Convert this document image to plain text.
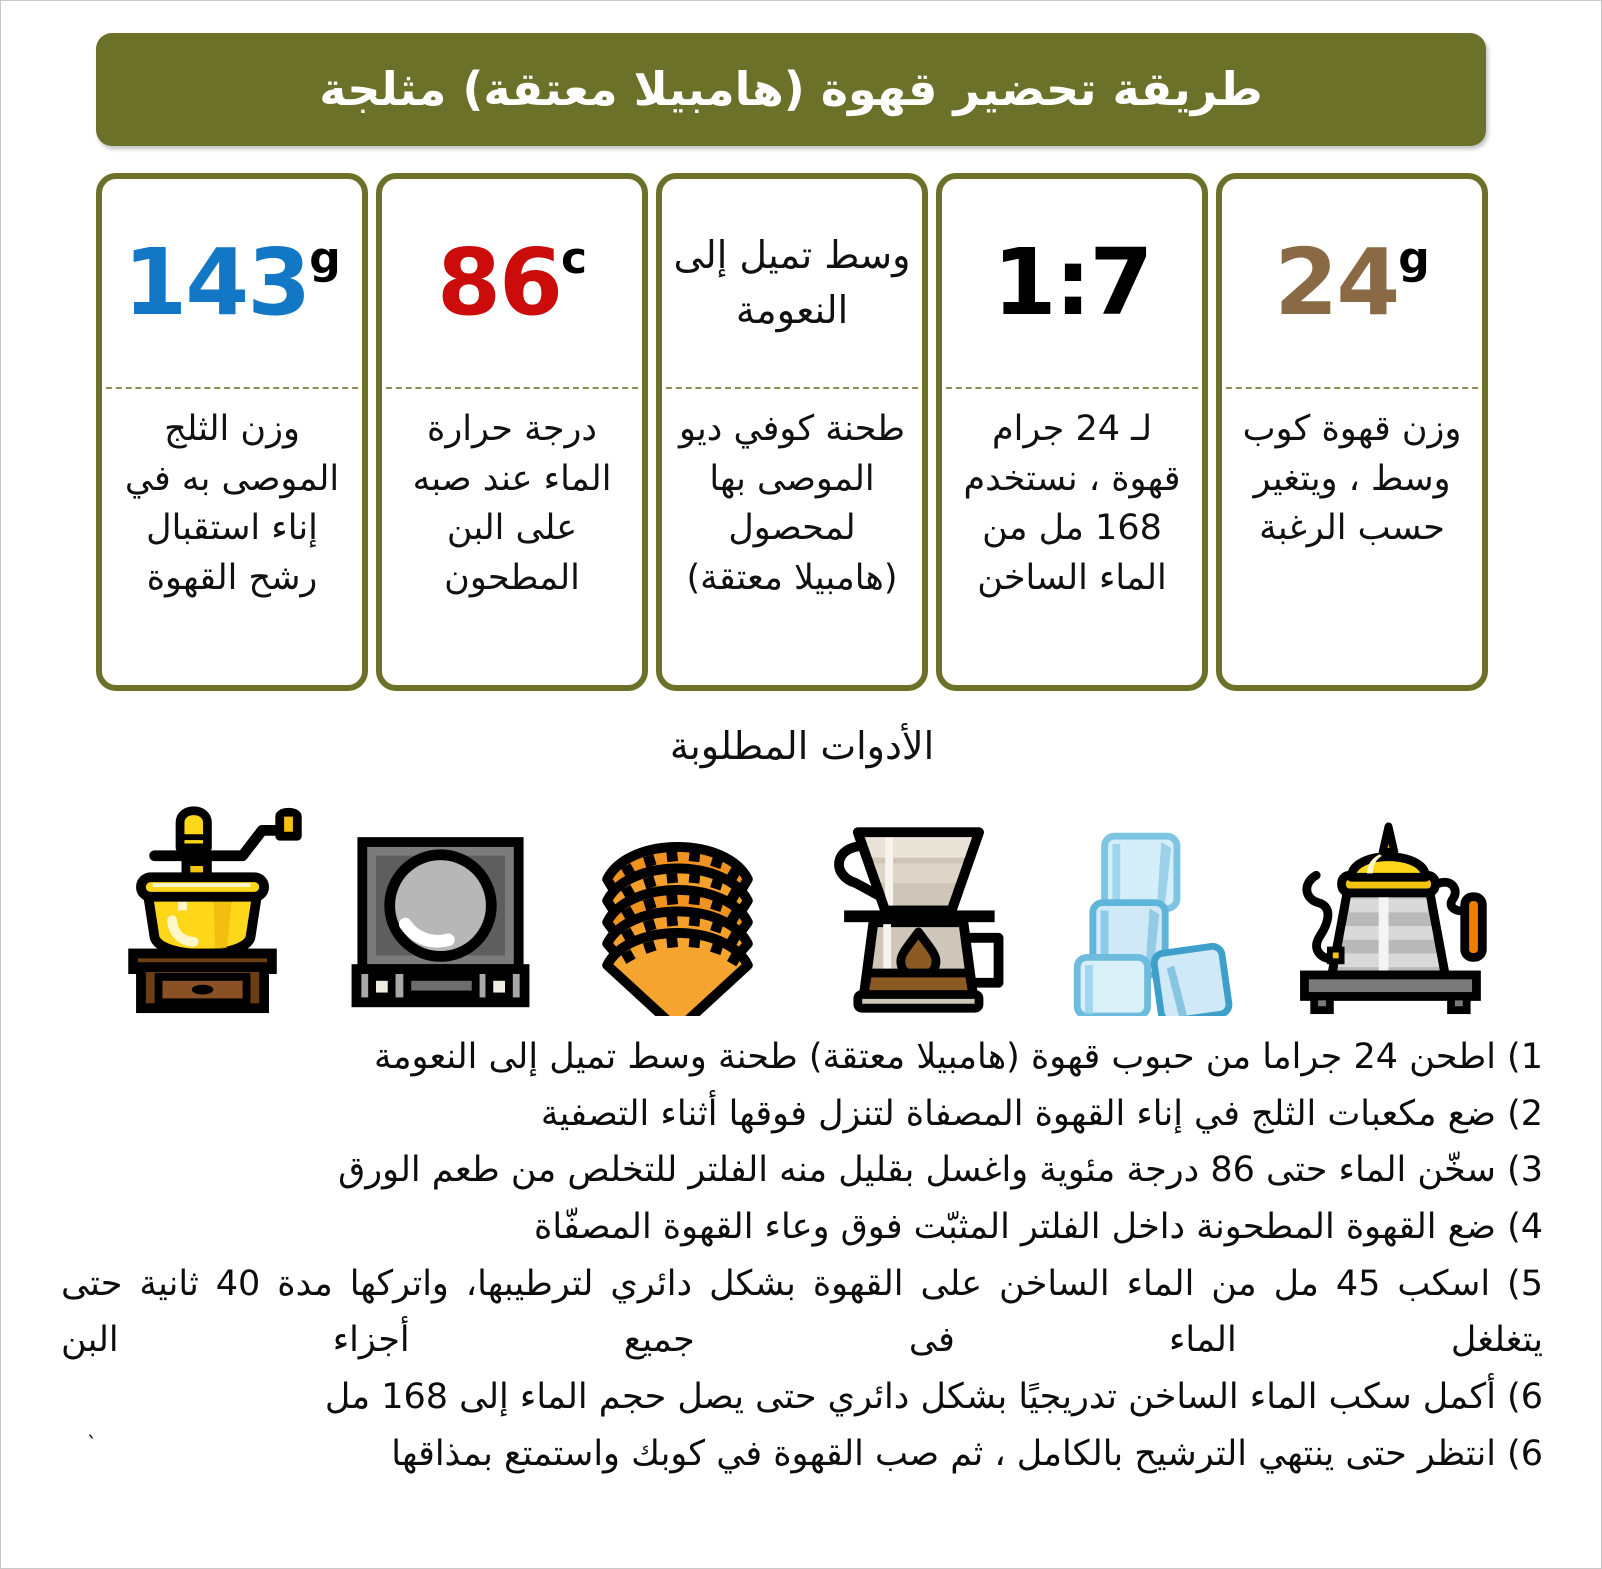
طريقة تحضير قهوة (هامبيلا معتقة) مثلجة
143 g
وزن الثلج الموصى به في إناء استقبال رشح القهوة
86 c
درجة حرارة الماء عند صبه على البن المطحون
وسط تميل إلى النعومة
طحنة كوفي ديو الموصى بها لمحصول (هامبيلا معتقة)
1:7
لـ 24 جرام قهوة ، نستخدم 168 مل من الماء الساخن
24 g
وزن قهوة كوب وسط ، ويتغير حسب الرغبة
الأدوات المطلوبة
1) اطحن 24 جراما من حبوب قهوة (هامبيلا معتقة) طحنة وسط تميل إلى النعومة
2) ضع مكعبات الثلج في إناء القهوة المصفاة لتنزل فوقها أثناء التصفية
3) سخّن الماء حتى 86 درجة مئوية واغسل بقليل منه الفلتر للتخلص من طعم الورق
4) ضع القهوة المطحونة داخل الفلتر المثبّت فوق وعاء القهوة المصفّاة
5) اسكب 45 مل من الماء الساخن على القهوة بشكل دائري لترطيبها، واتركها مدة 40 ثانية حتى يتغلغل الماء فى جميع أجزاء البن
6) أكمل سكب الماء الساخن تدريجيًا بشكل دائري حتى يصل حجم الماء إلى 168 مل
6) انتظر حتى ينتهي الترشيح بالكامل ، ثم صب القهوة في كوبك واستمتع بمذاقها
`
